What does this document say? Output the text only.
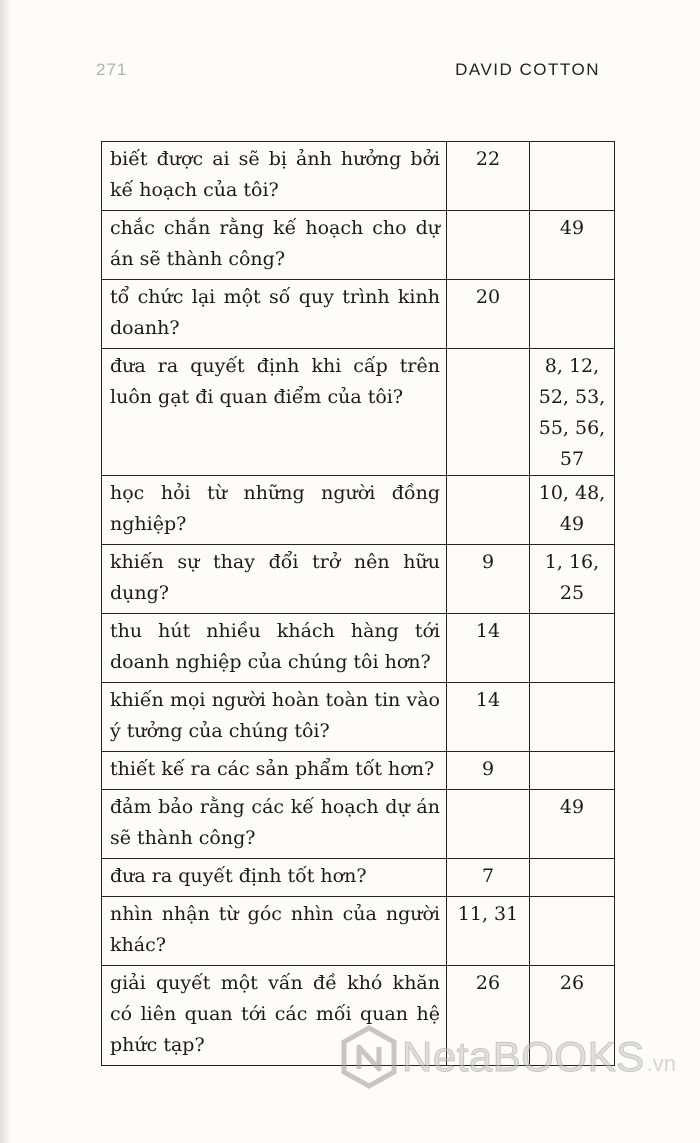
271	DAVID COTTON
biết được ai sẽ bị ảnh hưởng bởi kế hoạch của tôi?	22	
chắc chắn rằng kế hoạch cho dự án sẽ thành công?		49
tổ chức lại một số quy trình kinh doanh?	20	
đưa ra quyết định khi cấp trên luôn gạt đi quan điểm của tôi?		8, 12, 52, 53, 55, 56, 57
học hỏi từ những người đồng nghiệp?		10, 48, 49
khiến sự thay đổi trở nên hữu dụng?	9	1, 16, 25
thu hút nhiều khách hàng tới doanh nghiệp của chúng tôi hơn?	14	
khiến mọi người hoàn toàn tin vào ý tưởng của chúng tôi?	14	
thiết kế ra các sản phẩm tốt hơn?	9	
đảm bảo rằng các kế hoạch dự án sẽ thành công?		49
đưa ra quyết định tốt hơn?	7	
nhìn nhận từ góc nhìn của người khác?	11, 31	
giải quyết một vấn đề khó khăn có liên quan tới các mối quan hệ phức tạp?	26	26
NetaBOOKS .vn
